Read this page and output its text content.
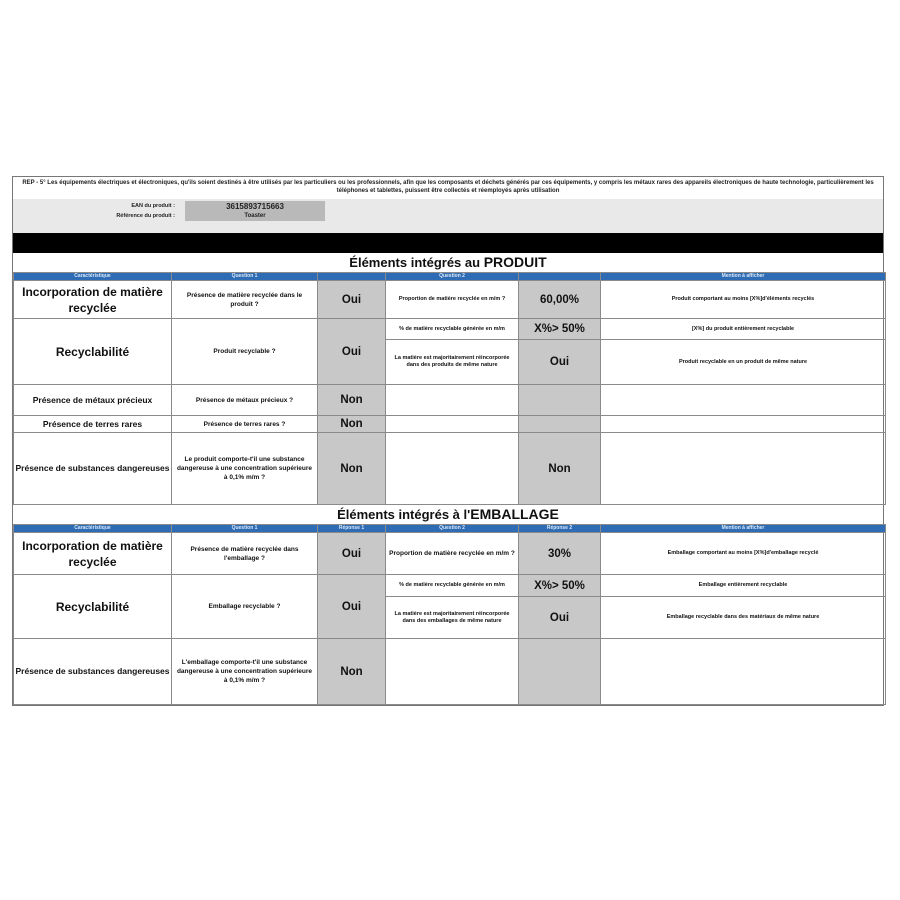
REP - 5° Les équipements électriques et électroniques, qu'ils soient destinés à être utilisés par les particuliers ou les professionnels, afin que les composants et déchets générés par ces équipements, y compris les métaux rares des appareils électroniques de haute technologie, particulièrement les téléphones et tablettes, puissent être collectés et réemployés après utilisation
EAN du produit :	3615893715663
Référence du produit :	Toaster
Éléments intégrés au PRODUIT
Caractéristique	Question 1		Question 2		Mention à afficher
Incorporation de matière recyclée	Présence de matière recyclée dans le produit ?	Oui	Proportion de matière recyclée en m/m ?	60,00%	Produit comportant au moins [X%]d'éléments recyclés
Recyclabilité	Produit recyclable ?	Oui	% de matière recyclable générée en m/m	X%> 50%	[X%] du produit entièrement recyclable
			La matière est majoritairement réincorporée dans des produits de même nature	Oui	Produit recyclable en un produit de même nature
Présence de métaux précieux	Présence de métaux précieux ?	Non			
Présence de terres rares	Présence de terres rares ?	Non			
Présence de substances dangereuses	Le produit comporte-t'il une substance dangereuse à une concentration supérieure à 0,1% m/m ?	Non		Non	
Éléments intégrés à l'EMBALLAGE
Caractéristique	Question 1	Réponse 1	Question 2	Réponse 2	Mention à afficher
Incorporation de matière recyclée	Présence de matière recyclée dans l'emballage ?	Oui	Proportion de matière recyclée en m/m ?	30%	Emballage comportant au moins [X%]d'emballage recyclé
Recyclabilité	Emballage recyclable ?	Oui	% de matière recyclable générée en m/m	X%> 50%	Emballage entièrement recyclable
			La matière est majoritairement réincorporée dans des emballages de même nature	Oui	Emballage recyclable dans des matériaux de même nature
Présence de substances dangereuses	L'emballage comporte-t'il une substance dangereuse à une concentration supérieure à 0,1% m/m ?	Non			
